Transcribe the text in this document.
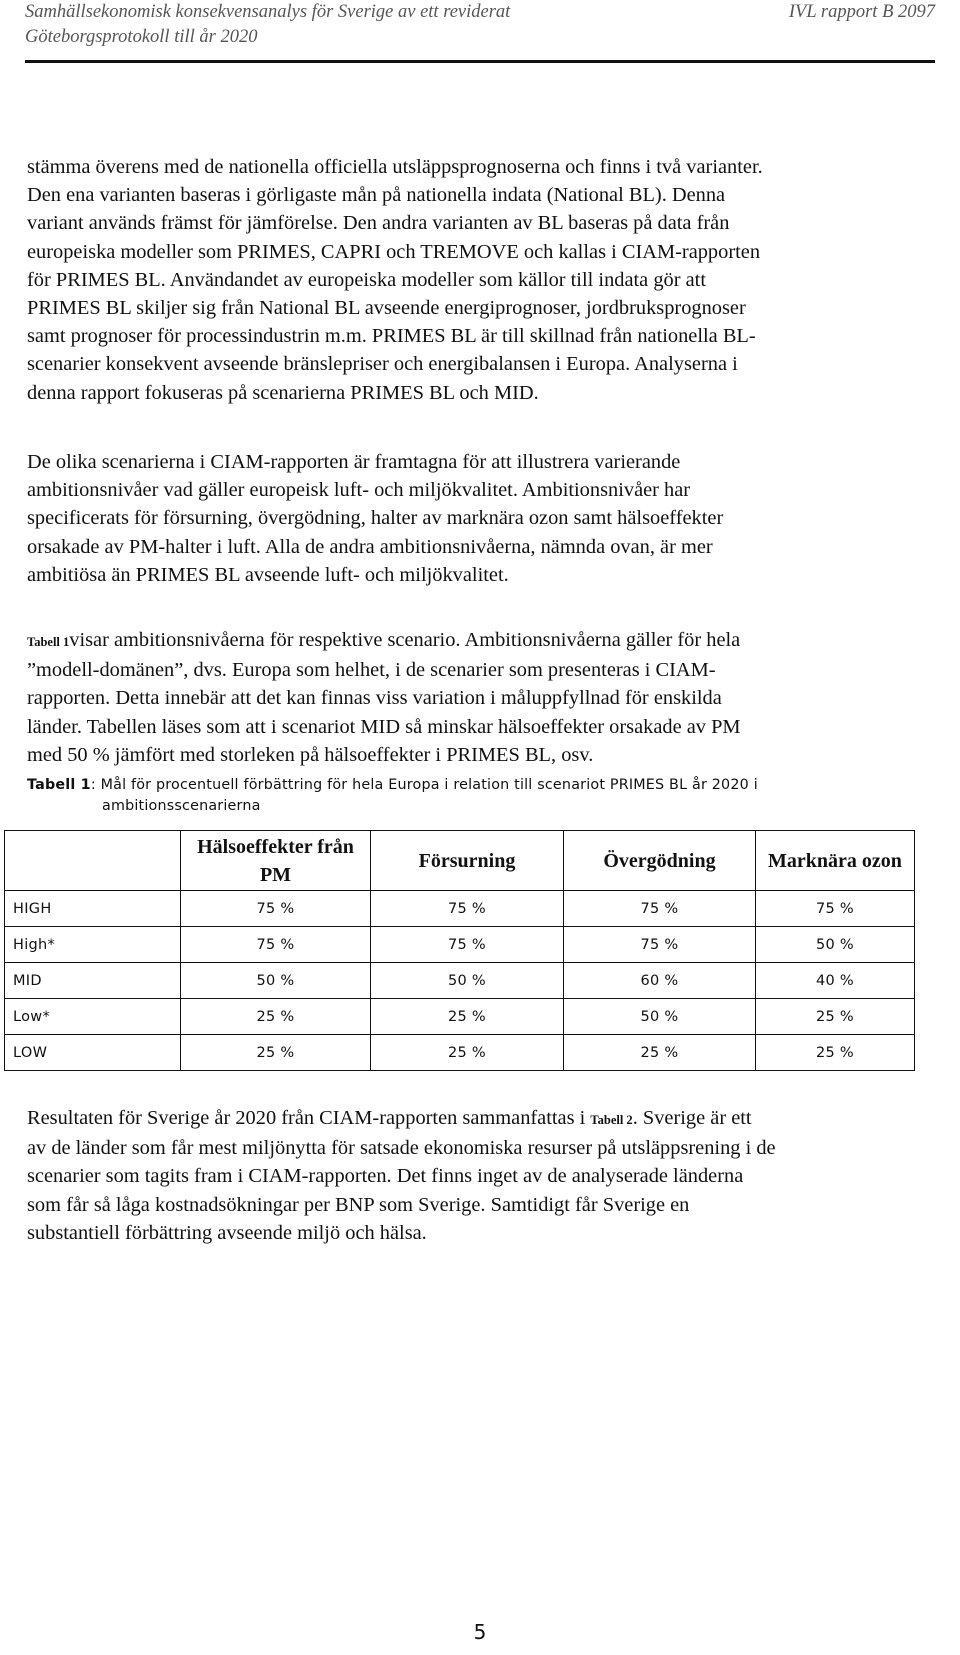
Samhällsekonomisk konsekvensanalys för Sverige av ett reviderat
Göteborgsprotokoll till år 2020
IVL rapport B 2097

stämma överens med de nationella officiella utsläppsprognoserna och finns i två varianter.

Den ena varianten baseras i görligaste mån på nationella indata (National BL). Denna

variant används främst för jämförelse. Den andra varianten av BL baseras på data från

europeiska modeller som PRIMES, CAPRI och TREMOVE och kallas i CIAM-rapporten

för PRIMES BL. Användandet av europeiska modeller som källor till indata gör att

PRIMES BL skiljer sig från National BL avseende energiprognoser, jordbruksprognoser

samt prognoser för processindustrin m.m. PRIMES BL är till skillnad från nationella BL-

scenarier konsekvent avseende bränslepriser och energibalansen i Europa. Analyserna i

denna rapport fokuseras på scenarierna PRIMES BL och MID.

De olika scenarierna i CIAM-rapporten är framtagna för att illustrera varierande

ambitionsnivåer vad gäller europeisk luft- och miljökvalitet. Ambitionsnivåer har

specificerats för försurning, övergödning, halter av marknära ozon samt hälsoeffekter

orsakade av PM-halter i luft. Alla de andra ambitionsnivåerna, nämnda ovan, är mer

ambitiösa än PRIMES BL avseende luft- och miljökvalitet.

Tabell 1visar ambitionsnivåerna för respektive scenario. Ambitionsnivåerna gäller för hela

”modell-domänen”, dvs. Europa som helhet, i de scenarier som presenteras i CIAM-

rapporten. Detta innebär att det kan finnas viss variation i måluppfyllnad för enskilda

länder. Tabellen läses som att i scenariot MID så minskar hälsoeffekter orsakade av PM

med 50 % jämfört med storleken på hälsoeffekter i PRIMES BL, osv.

Tabell 1: Mål för procentuell förbättring för hela Europa i relation till scenariot PRIMES BL år 2020 i
ambitionsscenarierna
	Hälsoeffekter från PM	Försurning	Övergödning	Marknära ozon
HIGH	75 %	75 %	75 %	75 %
High*	75 %	75 %	75 %	50 %
MID	50 %	50 %	60 %	40 %
Low*	25 %	25 %	50 %	25 %
LOW	25 %	25 %	25 %	25 %

Resultaten för Sverige år 2020 från CIAM-rapporten sammanfattas i Tabell 2. Sverige är ett

av de länder som får mest miljönytta för satsade ekonomiska resurser på utsläppsrening i de

scenarier som tagits fram i CIAM-rapporten. Det finns inget av de analyserade länderna

som får så låga kostnadsökningar per BNP som Sverige. Samtidigt får Sverige en

substantiell förbättring avseende miljö och hälsa.

5
